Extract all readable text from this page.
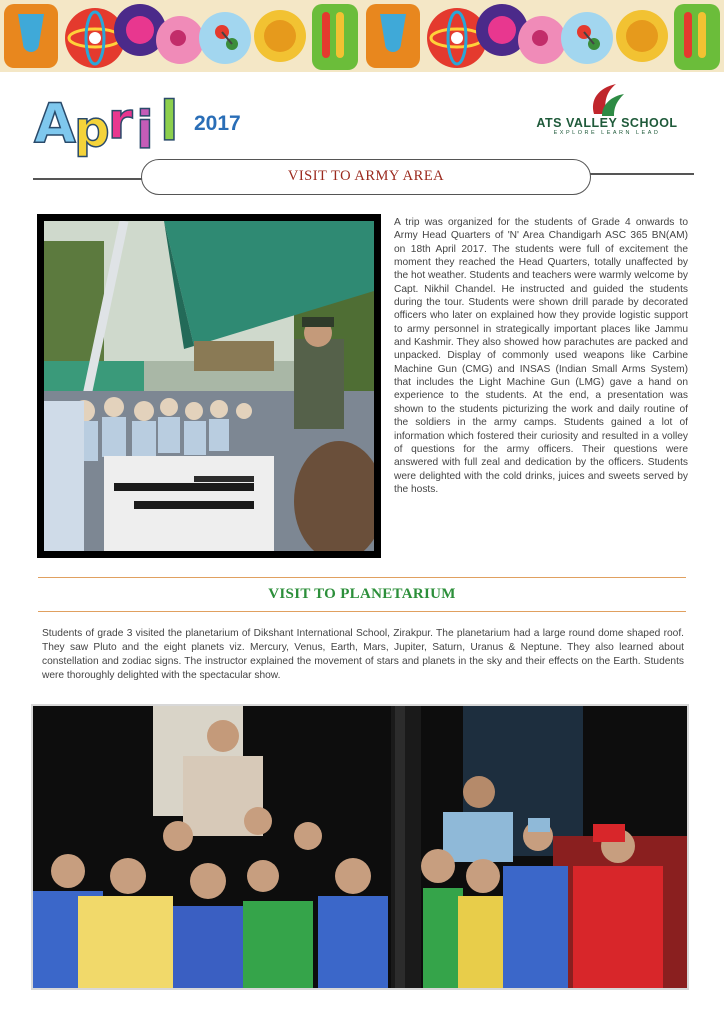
A
p
r i l 2017	ATS VALLEY SCHOOL
EXPLORE LEARN LEAD
VISIT TO ARMY AREA
A trip was organized for the students of Grade 4 onwards to Army Head Quarters of 'N' Area Chandigarh ASC 365 BN(AM) on 18th April 2017. The students were full of excitement the moment they reached the Head Quarters, totally unaffected by the hot weather. Students and teachers were warmly welcome by Capt. Nikhil Chandel. He instructed and guided the students during the tour. Students were shown drill parade by decorated officers who later on explained how they provide logistic support to army personnel in strategically important places like Jammu and Kashmir. They also showed how parachutes are packed and unpacked. Display of commonly used weapons like Carbine Machine Gun (CMG) and INSAS (Indian Small Arms System) that includes the Light Machine Gun (LMG) gave a hand on experience to the students. At the end, a presentation was shown to the students picturizing the work and daily routine of the soldiers in the army camps. Students gained a lot of information which fostered their curiosity and resulted in a volley of questions for the army officers. Their questions were answered with full zeal and dedication by the officers. Students were delighted with the cold drinks, juices and sweets served by the hosts.
VISIT TO PLANETARIUM
Students of grade 3 visited the planetarium of Dikshant International School, Zirakpur. The planetarium had a large round dome shaped roof. They saw Pluto and the eight planets viz. Mercury, Venus, Earth, Mars, Jupiter, Saturn, Uranus & Neptune. They also learned about constellation and zodiac signs. The instructor explained the movement of stars and planets in the sky and their effects on the Earth. Students were thoroughly delighted with the spectacular show.
